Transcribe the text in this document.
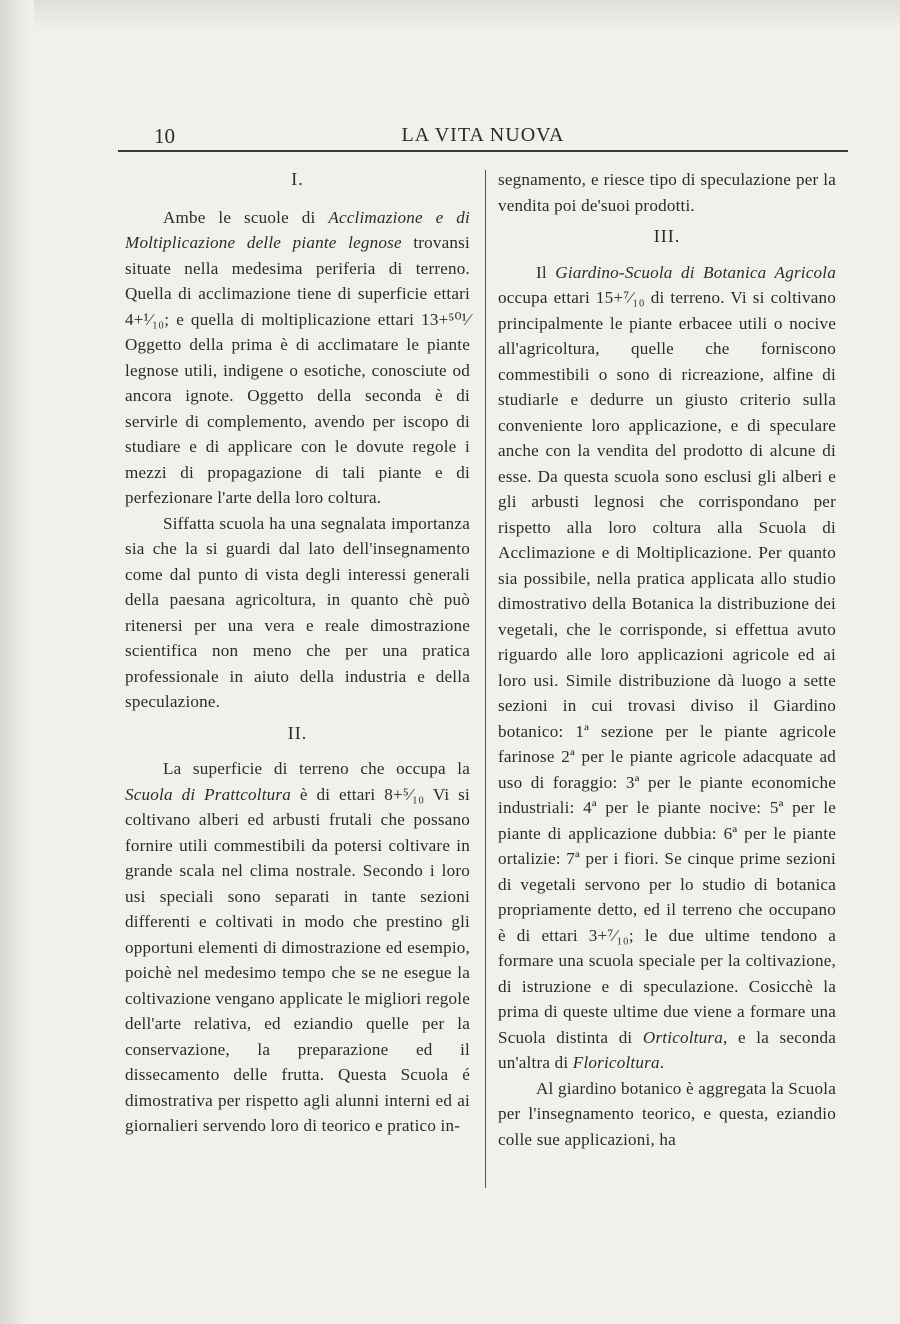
10	LA VITA NUOVA
I.

Ambe le scuole di Acclimazione e di Moltiplicazione delle piante legnose trovansi situate nella medesima periferia di terreno. Quella di acclimazione tiene di superficie ettari 4+¹⁄₁₀; e quella di moltiplicazione ettari 13+⁵⁰¹⁄ Oggetto della prima è di acclimatare le piante legnose utili, indigene o esotiche, conosciute od ancora ignote. Oggetto della seconda è di servirle di complemento, avendo per iscopo di studiare e di applicare con le dovute regole i mezzi di propagazione di tali piante e di perfezionare l'arte della loro coltura.

Siffatta scuola ha una segnalata importanza sia che la si guardi dal lato dell'insegnamento come dal punto di vista degli interessi generali della paesana agricoltura, in quanto chè può ritenersi per una vera e reale dimostrazione scientifica non meno che per una pratica professionale in aiuto della industria e della speculazione.

II.

La superficie di terreno che occupa la Scuola di Prattcoltura è di ettari 8+⁵⁄₁₀ Vi si coltivano alberi ed arbusti frutali che possano fornire utili commestibili da potersi coltivare in grande scala nel clima nostrale. Secondo i loro usi speciali sono separati in tante sezioni differenti e coltivati in modo che prestino gli opportuni elementi di dimostrazione ed esempio, poichè nel medesimo tempo che se ne esegue la coltivazione vengano applicate le migliori regole dell'arte relativa, ed eziandio quelle per la conservazione, la preparazione ed il dissecamento delle frutta. Questa Scuola é dimostrativa per rispetto agli alunni interni ed ai giornalieri servendo loro di teorico e pratico in-

segnamento, e riesce tipo di speculazione per la vendita poi de'suoi prodotti.

III.

Il Giardino-Scuola di Botanica Agricola occupa ettari 15+⁷⁄₁₀ di terreno. Vi si coltivano principalmente le piante erbacee utili o nocive all'agricoltura, quelle che forniscono commestibili o sono di ricreazione, alfine di studiarle e dedurre un giusto criterio sulla conveniente loro applicazione, e di speculare anche con la vendita del prodotto di alcune di esse. Da questa scuola sono esclusi gli alberi e gli arbusti legnosi che corrispondano per rispetto alla loro coltura alla Scuola di Acclimazione e di Moltiplicazione. Per quanto sia possibile, nella pratica applicata allo studio dimostrativo della Botanica la distribuzione dei vegetali, che le corrisponde, si effettua avuto riguardo alle loro applicazioni agricole ed ai loro usi. Simile distribuzione dà luogo a sette sezioni in cui trovasi diviso il Giardino botanico: 1ª sezione per le piante agricole farinose 2ª per le piante agricole adacquate ad uso di foraggio: 3ª per le piante economiche industriali: 4ª per le piante nocive: 5ª per le piante di applicazione dubbia: 6ª per le piante ortalizie: 7ª per i fiori. Se cinque prime sezioni di vegetali servono per lo studio di botanica propriamente detto, ed il terreno che occupano è di ettari 3+⁷⁄₁₀; le due ultime tendono a formare una scuola speciale per la coltivazione, di istruzione e di speculazione. Cosicchè la prima di queste ultime due viene a formare una Scuola distinta di Orticoltura, e la seconda un'altra di Floricoltura.

Al giardino botanico è aggregata la Scuola per l'insegnamento teorico, e questa, eziandio colle sue applicazioni, ha
